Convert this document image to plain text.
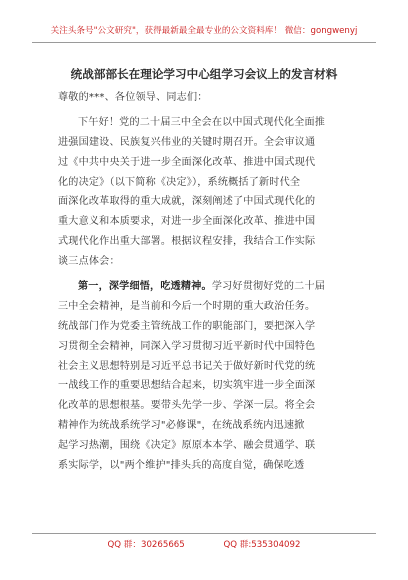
关注头条号"公文研究"，获得最新最全最专业的公文资料库！ 微信：gongwenyj
统战部部长在理论学习中心组学习会议上的发言材料
尊敬的***、各位领导、同志们：
下午好！党的二十届三中全会在以中国式现代化全面推
进强国建设、民族复兴伟业的关键时期召开。全会审议通
过《中共中央关于进一步全面深化改革、推进中国式现代
化的决定》（以下简称《决定》），系统概括了新时代全
面深化改革取得的重大成就，深刻阐述了中国式现代化的
重大意义和本质要求，对进一步全面深化改革、推进中国
式现代化作出重大部署。根据议程安排，我结合工作实际
谈三点体会：
第一，深学细悟，吃透精神。学习好贯彻好党的二十届
三中全会精神，是当前和今后一个时期的重大政治任务。
统战部门作为党委主管统战工作的职能部门，要把深入学
习贯彻全会精神，同深入学习贯彻习近平新时代中国特色
社会主义思想特别是习近平总书记关于做好新时代党的统
一战线工作的重要思想结合起来，切实筑牢进一步全面深
化改革的思想根基。要带头先学一步、学深一层。将全会
精神作为统战系统学习"必修课"，在统战系统内迅速掀
起学习热潮，围绕《决定》原原本本学、融会贯通学、联
系实际学，以"两个维护"排头兵的高度自觉，确保吃透
QQ 群：30265665	QQ 群:535304092
